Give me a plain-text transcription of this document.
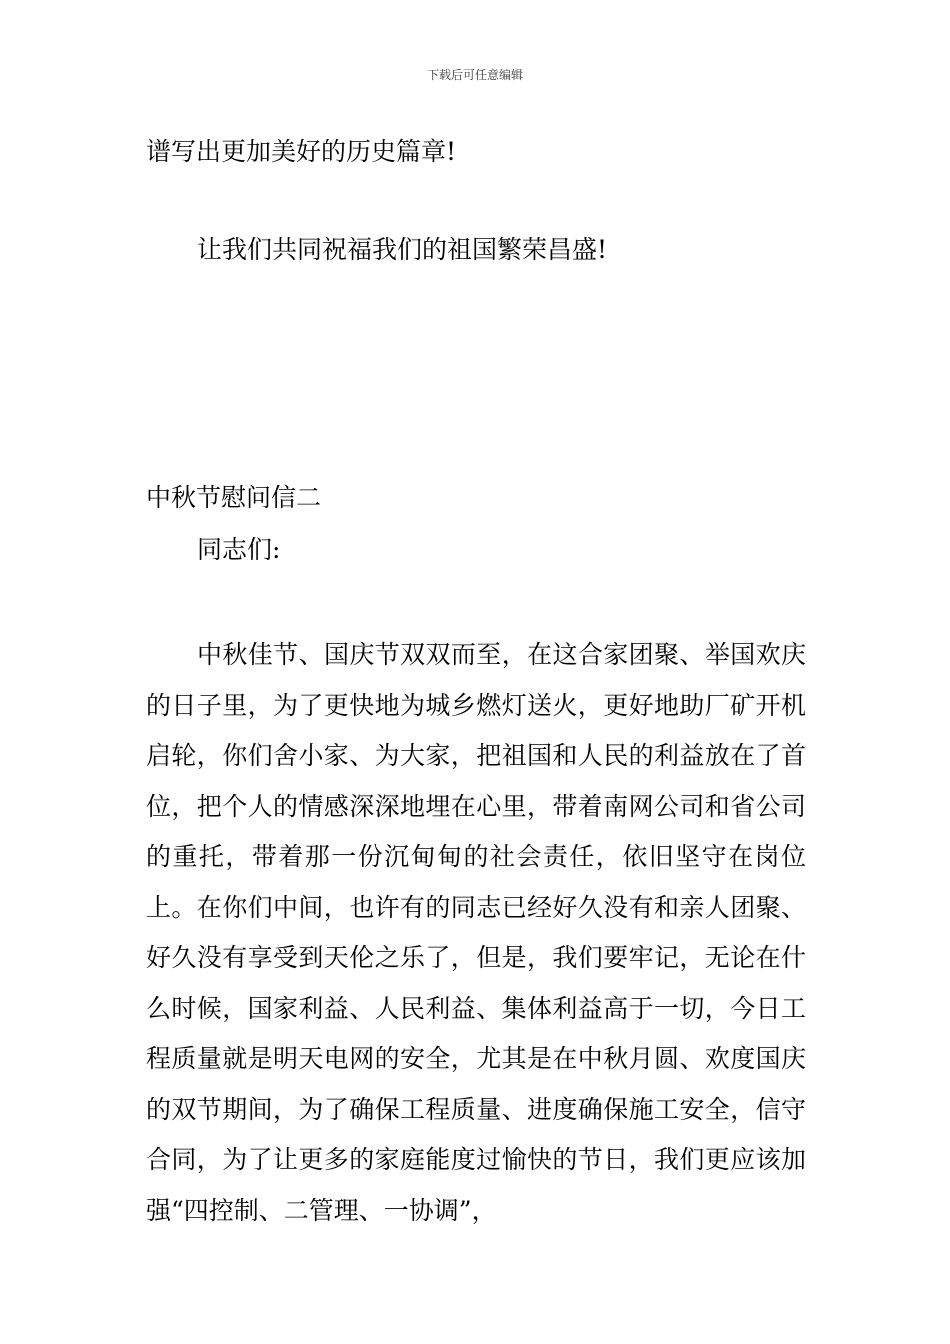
下载后可任意编辑
谱写出更加美好的历史篇章!
让我们共同祝福我们的祖国繁荣昌盛!
中秋节慰问信二
同志们:

中秋佳节、国庆节双双而至，在这合家团聚、举国欢庆的日子里，为了更快地为城乡燃灯送火，更好地助厂矿开机启轮，你们舍小家、为大家，把祖国和人民的利益放在了首位，把个人的情感深深地埋在心里，带着南网公司和省公司的重托，带着那一份沉甸甸的社会责任，依旧坚守在岗位上。在你们中间，也许有的同志已经好久没有和亲人团聚、好久没有享受到天伦之乐了，但是，我们要牢记，无论在什么时候，国家利益、人民利益、集体利益高于一切，今日工程质量就是明天电网的安全，尤其是在中秋月圆、欢度国庆的双节期间，为了确保工程质量、进度确保施工安全，信守合同，为了让更多的家庭能度过愉快的节日，我们更应该加强“四控制、二管理、一协调”，
